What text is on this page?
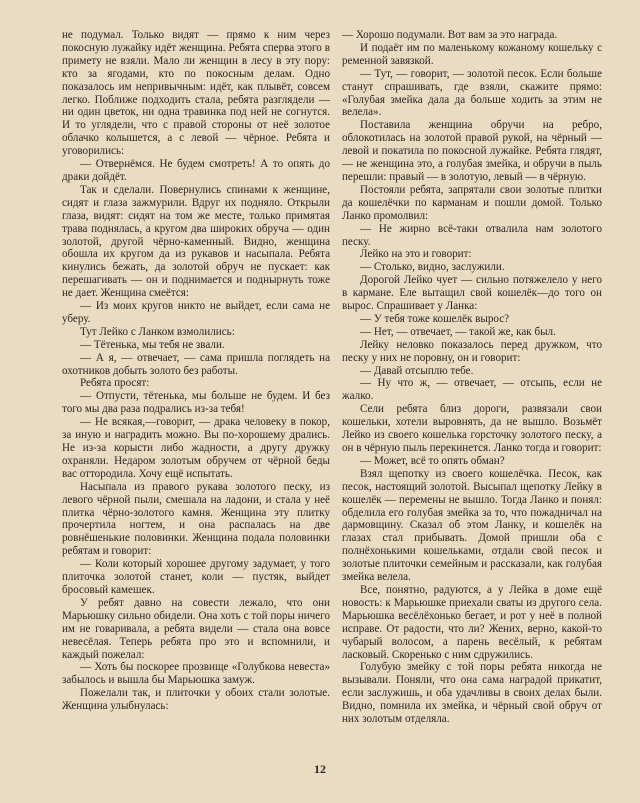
не подумал. Только видят — прямо к ним через покосную лужайку идёт женщина. Ребята сперва этого в примету не взяли. Мало ли женщин в лесу в эту пору: кто за ягодами, кто по покосным делам. Одно показалось им непривычным: идёт, как плывёт, совсем легко. Поближе подходить стала, ребята разглядели — ни один цветок, ни одна травинка под ней не согнутся. И то углядели, что с правой стороны от неё золотое облачко колышется, а с левой — чёрное. Ребята и уговорились:

— Отвернёмся. Не будем смотреть! А то опять до драки дойдёт.

Так и сделали. Повернулись спинами к женщине, сидят и глаза зажмурили. Вдруг их подняло. Открыли глаза, видят: сидят на том же месте, только примятая трава поднялась, а кругом два широких обруча — один золотой, другой чёрно-каменный. Видно, женщина обошла их кругом да из рукавов и насыпала. Ребята кинулись бежать, да золотой обруч не пускает: как перешагивать — он и поднимается и поднырнуть тоже не дает. Женщина смеётся:

— Из моих кругов никто не выйдет, если сама не уберу.

Тут Лейко с Ланком взмолились:

— Тётенька, мы тебя не звали.

— А я, — отвечает, — сама пришла поглядеть на охотников добыть золото без работы.

Ребята просят:

— Отпусти, тётенька, мы больше не будем. И без того мы два раза подрались из-за тебя!

— Не всякая,—говорит, — драка человеку в покор, за иную и наградить можно. Вы по-хорошему дрались. Не из-за корысти либо жадности, а другу дружку охраняли. Недаром золотым обручем от чёрной беды вас оттородила. Хочу ещё испытать.

Насыпала из правого рукава золотого песку, из левого чёрной пыли, смешала на ладони, и стала у неё плитка чёрно-золотого камня. Женщина эту плитку прочертила ногтем, и она распалась на две ровнёшенькие половинки. Женщина подала половинки ребятам и говорит:

— Коли который хорошее другому задумает, у того плиточка золотой станет, коли — пустяк, выйдет бросовый камешек.

У ребят давно на совести лежало, что они Марьюшку сильно обидели. Она хоть с той поры ничего им не говаривала, а ребята видели — стала она вовсе невесёлая. Теперь ребята про это и вспомнили, и каждый пожелал:

— Хоть бы поскорее прозвище «Голубкова невеста» забылось и вышла бы Марьюшка замуж.

Пожелали так, и плиточки у обоих стали золотые. Женщина улыбнулась:

— Хорошо подумали. Вот вам за это награда.

И подаёт им по маленькому кожаному кошельку с ременной завязкой.

— Тут, — говорит, — золотой песок. Если больше станут спрашивать, где взяли, скажите прямо: «Голубая змейка дала да больше ходить за этим не велела».

Поставила женщина обручи на ребро, облокотилась на золотой правой рукой, на чёрный — левой и покатила по покосной лужайке. Ребята глядят, — не женщина это, а голубая змейка, и обручи в пыль перешли: правый — в золотую, левый — в чёрную.

Постояли ребята, запрятали свои золотые плитки да кошелёчки по карманам и пошли домой. Только Ланко промолвил:

— Не жирно всё-таки отвалила нам золотого песку.

Лейко на это и говорит:

— Столько, видно, заслужили.

Дорогой Лейко чует — сильно потяжелело у него в кармане. Еле вытащил свой кошелёк—до того он вырос. Спрашивает у Ланка:

— У тебя тоже кошелёк вырос?

— Нет, — отвечает, — такой же, как был.

Лейку неловко показалось перед дружком, что песку у них не поровну, он и говорит:

— Давай отсыплю тебе.

— Ну что ж, — отвечает, — отсыпь, если не жалко.

Сели ребята близ дороги, развязали свои кошельки, хотели выровнять, да не вышло. Возьмёт Лейко из своего кошелька горсточку золотого песку, а он в чёрную пыль перекинется. Ланко тогда и говорит:

— Может, всё то опять обман?

Взял щепотку из своего кошелёчка. Песок, как песок, настоящий золотой. Высыпал щепотку Лейку в кошелёк — перемены не вышло. Тогда Ланко и понял: обделила его голубая змейка за то, что пожадничал на дармовщину. Сказал об этом Ланку, и кошелёк на глазах стал прибывать. Домой пришли оба с полнёхонькими кошельками, отдали свой песок и золотые плиточки семейным и рассказали, как голубая змейка велела.

Все, понятно, радуются, а у Лейка в доме ещё новость: к Марьюшке приехали сваты из другого села. Марьюшка весёлёхонько бегает, и рот у неё в полной исправе. От радости, что ли? Жених, верно, какой-то чубарый волосом, а парень весёлый, к ребятам ласковый. Скоренько с ним сдружились.

Голубую змейку с той поры ребята никогда не вызывали. Поняли, что она сама наградой прикатит, если заслужишь, и оба удачливы в своих делах были. Видно, помнила их змейка, и чёрный свой обруч от них золотым отделяла.

12
